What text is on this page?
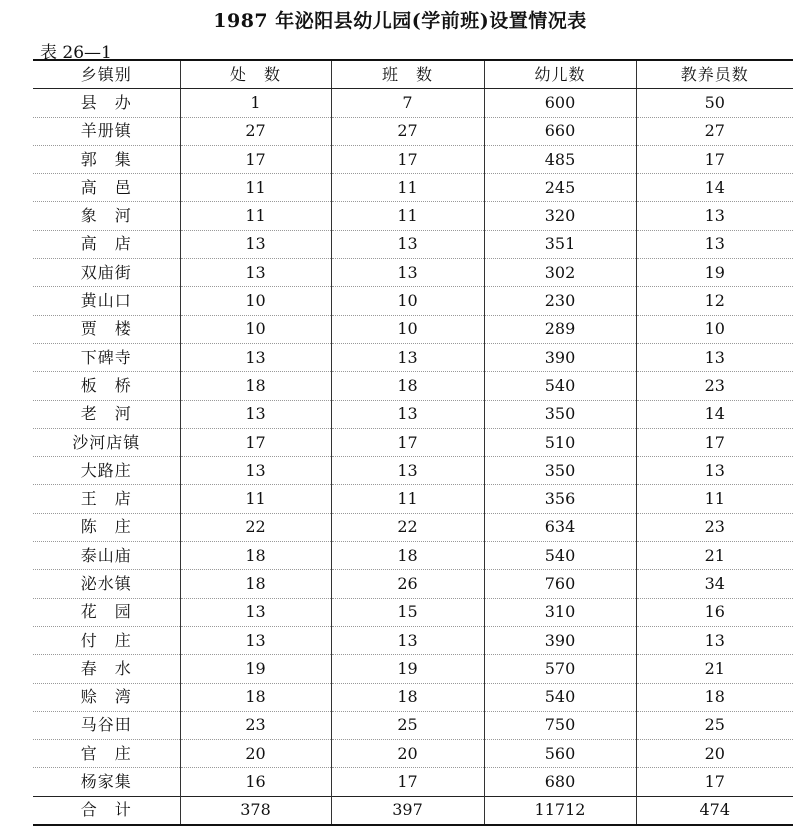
1987 年泌阳县幼儿园(学前班)设置情况表
表 26—1
乡镇别	处　数	班　数	幼儿数	教养员数
县　办	1	7	600	50
羊册镇	27	27	660	27
郭　集	17	17	485	17
高　邑	11	11	245	14
象　河	11	11	320	13
高　店	13	13	351	13
双庙街	13	13	302	19
黄山口	10	10	230	12
贾　楼	10	10	289	10
下碑寺	13	13	390	13
板　桥	18	18	540	23
老　河	13	13	350	14
沙河店镇	17	17	510	17
大路庄	13	13	350	13
王　店	11	11	356	11
陈　庄	22	22	634	23
泰山庙	18	18	540	21
泌水镇	18	26	760	34
花　园	13	15	310	16
付　庄	13	13	390	13
春　水	19	19	570	21
赊　湾	18	18	540	18
马谷田	23	25	750	25
官　庄	20	20	560	20
杨家集	16	17	680	17
合　计	378	397	11712	474
